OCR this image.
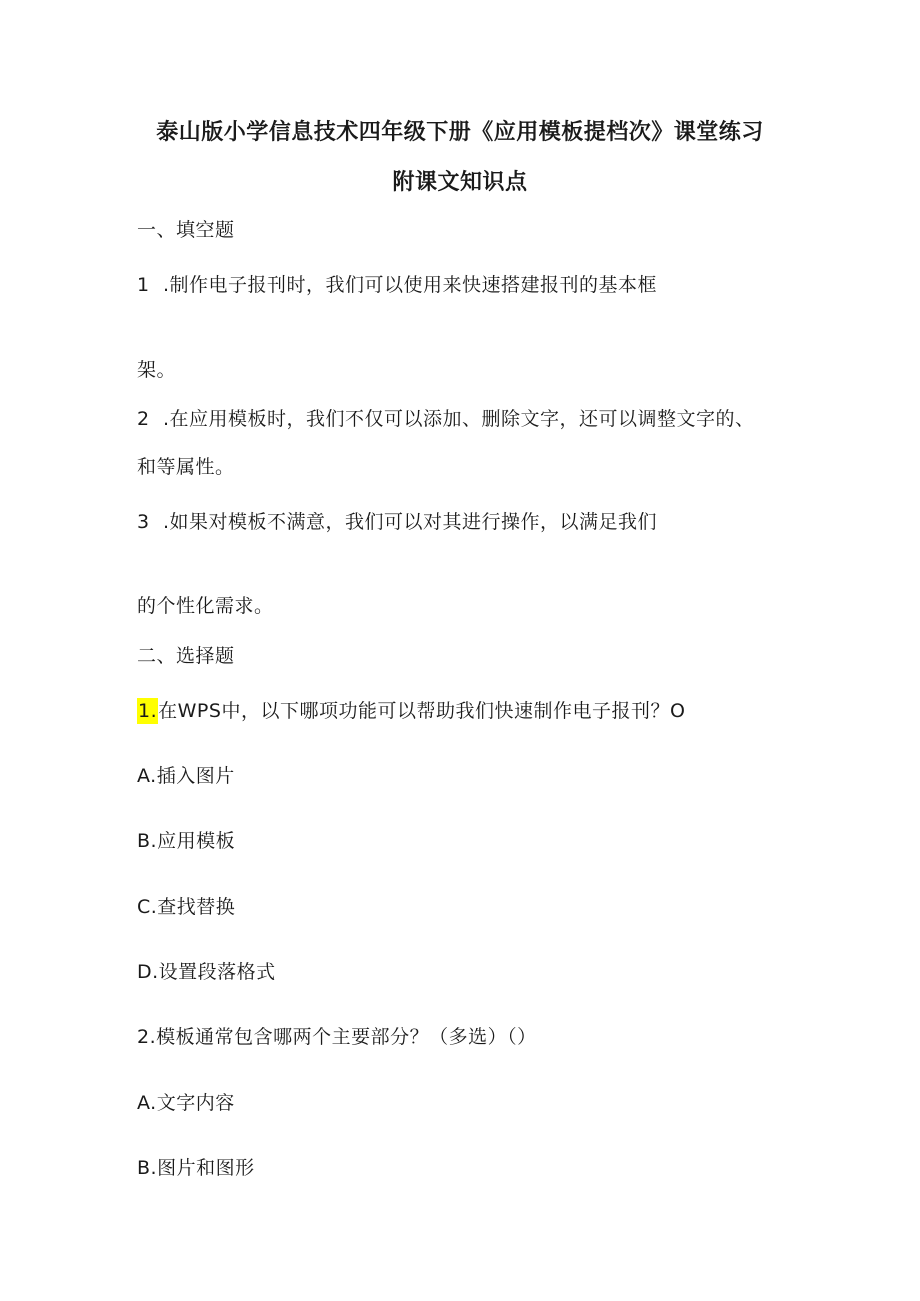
泰山版小学信息技术四年级下册《应用模板提档次》课堂练习
附课文知识点
一、填空题
1 .制作电子报刊时，我们可以使用来快速搭建报刊的基本框
架。
2 .在应用模板时，我们不仅可以添加、删除文字，还可以调整文字的、
和等属性。
3 .如果对模板不满意，我们可以对其进行操作，以满足我们
的个性化需求。
二、选择题
1.在WPS中，以下哪项功能可以帮助我们快速制作电子报刊？O
A.插入图片
B.应用模板
C.查找替换
D.设置段落格式
2.模板通常包含哪两个主要部分？（多选）（）
A.文字内容
B.图片和图形
